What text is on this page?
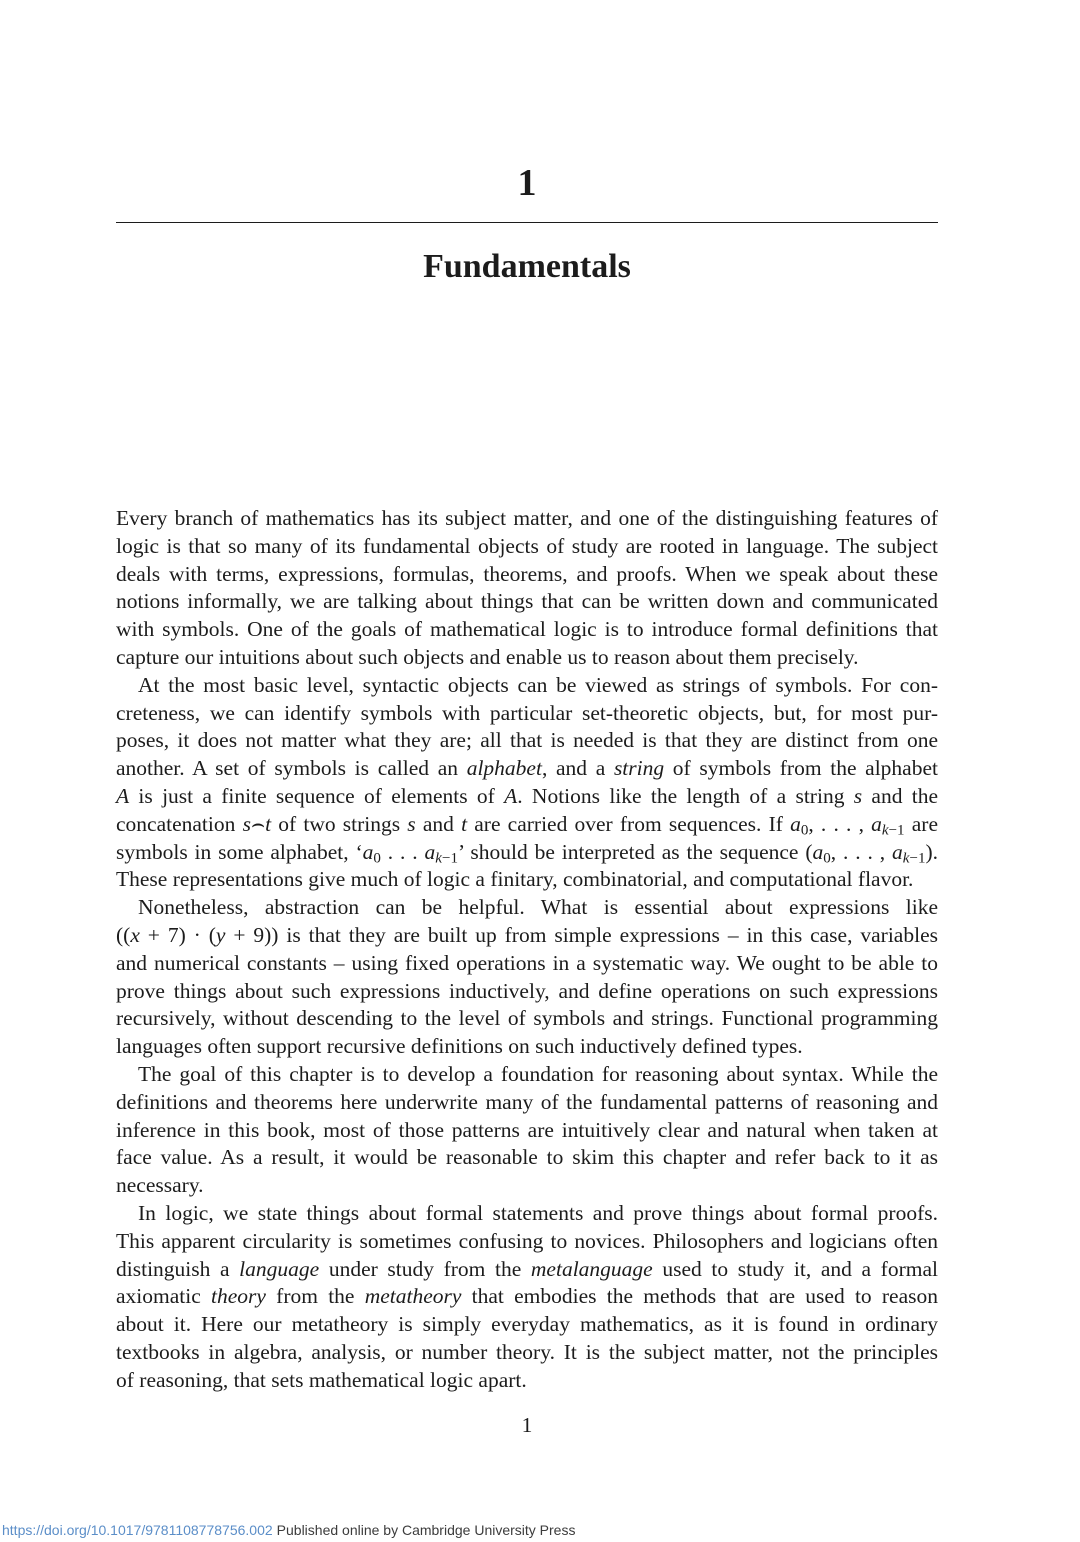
1
Fundamentals
Every branch of mathematics has its subject matter, and one of the distinguishing features of
logic is that so many of its fundamental objects of study are rooted in language. The subject
deals with terms, expressions, formulas, theorems, and proofs. When we speak about these
notions informally, we are talking about things that can be written down and communicated
with symbols. One of the goals of mathematical logic is to introduce formal definitions that
capture our intuitions about such objects and enable us to reason about them precisely.
At the most basic level, syntactic objects can be viewed as strings of symbols. For con-
creteness, we can identify symbols with particular set-theoretic objects, but, for most pur-
poses, it does not matter what they are; all that is needed is that they are distinct from one
another. A set of symbols is called an alphabet, and a string of symbols from the alphabet
A is just a finite sequence of elements of A. Notions like the length of a string s and the
concatenation s⌢t of two strings s and t are carried over from sequences. If $a_0$, . . . , $ak_{-1}$ are
symbols in some alphabet, ‘$a_0$ . . . $ak_{-1}$’ should be interpreted as the sequence ($a_0$, . . . , $ak_{-1}$).
These representations give much of logic a finitary, combinatorial, and computational flavor.
Nonetheless, abstraction can be helpful. What is essential about expressions like
((x + 7) · (y + 9)) is that they are built up from simple expressions – in this case, variables
and numerical constants – using fixed operations in a systematic way. We ought to be able to
prove things about such expressions inductively, and define operations on such expressions
recursively, without descending to the level of symbols and strings. Functional programming
languages often support recursive definitions on such inductively defined types.
The goal of this chapter is to develop a foundation for reasoning about syntax. While the
definitions and theorems here underwrite many of the fundamental patterns of reasoning and
inference in this book, most of those patterns are intuitively clear and natural when taken at
face value. As a result, it would be reasonable to skim this chapter and refer back to it as
necessary.
In logic, we state things about formal statements and prove things about formal proofs.
This apparent circularity is sometimes confusing to novices. Philosophers and logicians often
distinguish a language under study from the metalanguage used to study it, and a formal
axiomatic theory from the metatheory that embodies the methods that are used to reason
about it. Here our metatheory is simply everyday mathematics, as it is found in ordinary
textbooks in algebra, analysis, or number theory. It is the subject matter, not the principles
of reasoning, that sets mathematical logic apart.
1
https://doi.org/10.1017/9781108778756.002 Published online by Cambridge University Press
